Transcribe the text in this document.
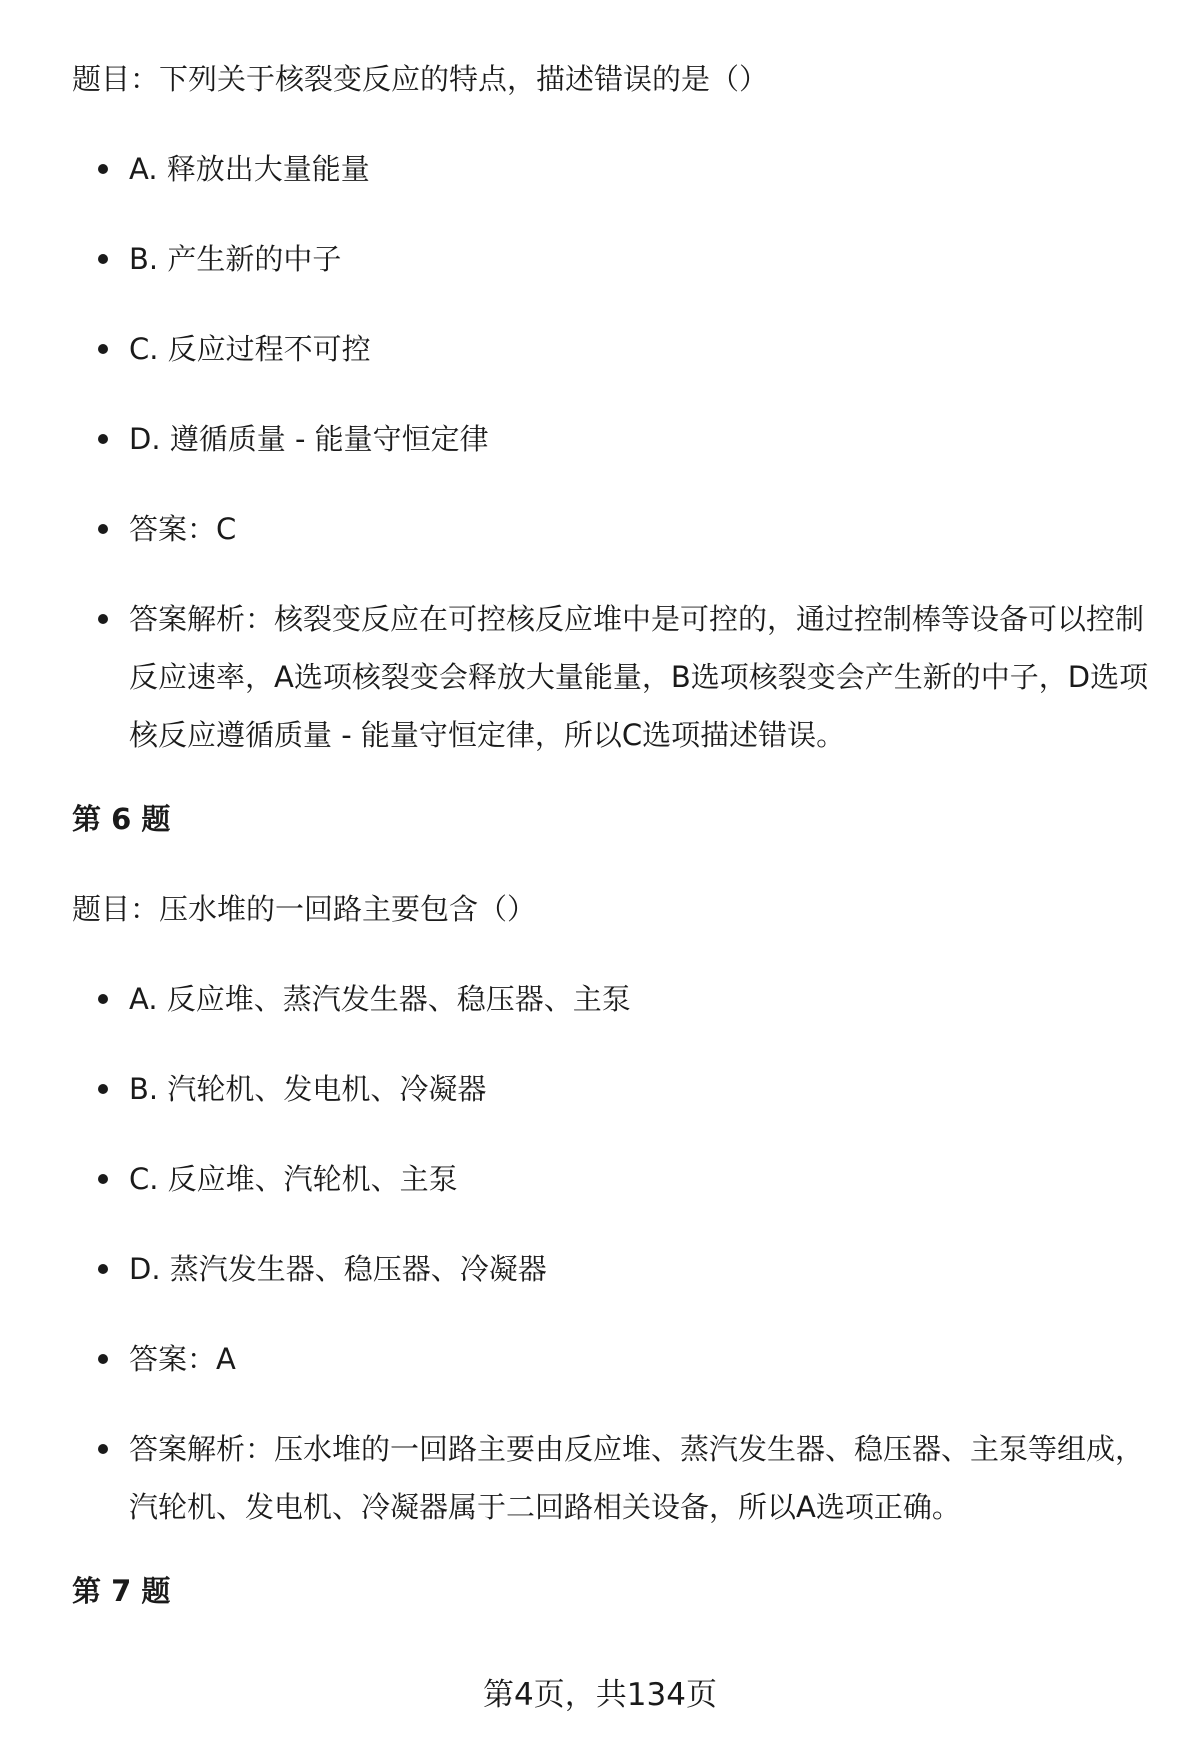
题目：下列关于核裂变反应的特点，描述错误的是（）

A. 释放出大量能量
B. 产生新的中子
C. 反应过程不可控
D. 遵循质量 - 能量守恒定律
答案：C
答案解析：核裂变反应在可控核反应堆中是可控的，通过控制棒等设备可以控制反应速率，A选项核裂变会释放大量能量，B选项核裂变会产生新的中子，D选项核反应遵循质量 - 能量守恒定律，所以C选项描述错误。

第 6 题

题目：压水堆的一回路主要包含（）

A. 反应堆、蒸汽发生器、稳压器、主泵
B. 汽轮机、发电机、冷凝器
C. 反应堆、汽轮机、主泵
D. 蒸汽发生器、稳压器、冷凝器
答案：A
答案解析：压水堆的一回路主要由反应堆、蒸汽发生器、稳压器、主泵等组成，汽轮机、发电机、冷凝器属于二回路相关设备，所以A选项正确。

第 7 题

第4页，共134页
